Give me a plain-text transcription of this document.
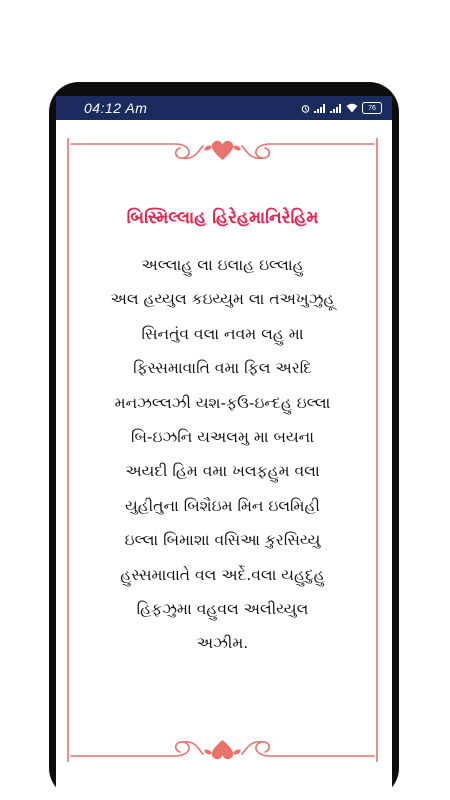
04:12 Am	76
બિસ્મિલ્લાહ હિરેહમાનિરેહિમ
અલ્લાહુ લા ઇલાહ ઇલ્લાહુ
અલ હય્યુલ કઇય્યુમ લા તઅખુઝુહૂ
સિનતુંવ વલા નવમ લહુ મા
ફિસ્સમાવાતિ વમા ફિલ અરદિ
મનઝલ્લઝી યશ-ફઉ-ઇન્દહુ ઇલ્લા
બિ-ઇઝનિ યઅલમુ મા બયના
અયદી હિમ વમા ખલફહુમ વલા
યુહીતુના બિશૈઇમ મિન ઇલમિહી
ઇલ્લા બિમાશા વસિઆ કુરસિય્યુ
હુસ્સમાવાતે વલ અર્દે.વલા યહુદુહુ
હિફઝુમા વહુવલ અલીય્યુલ
અઝીમ.
